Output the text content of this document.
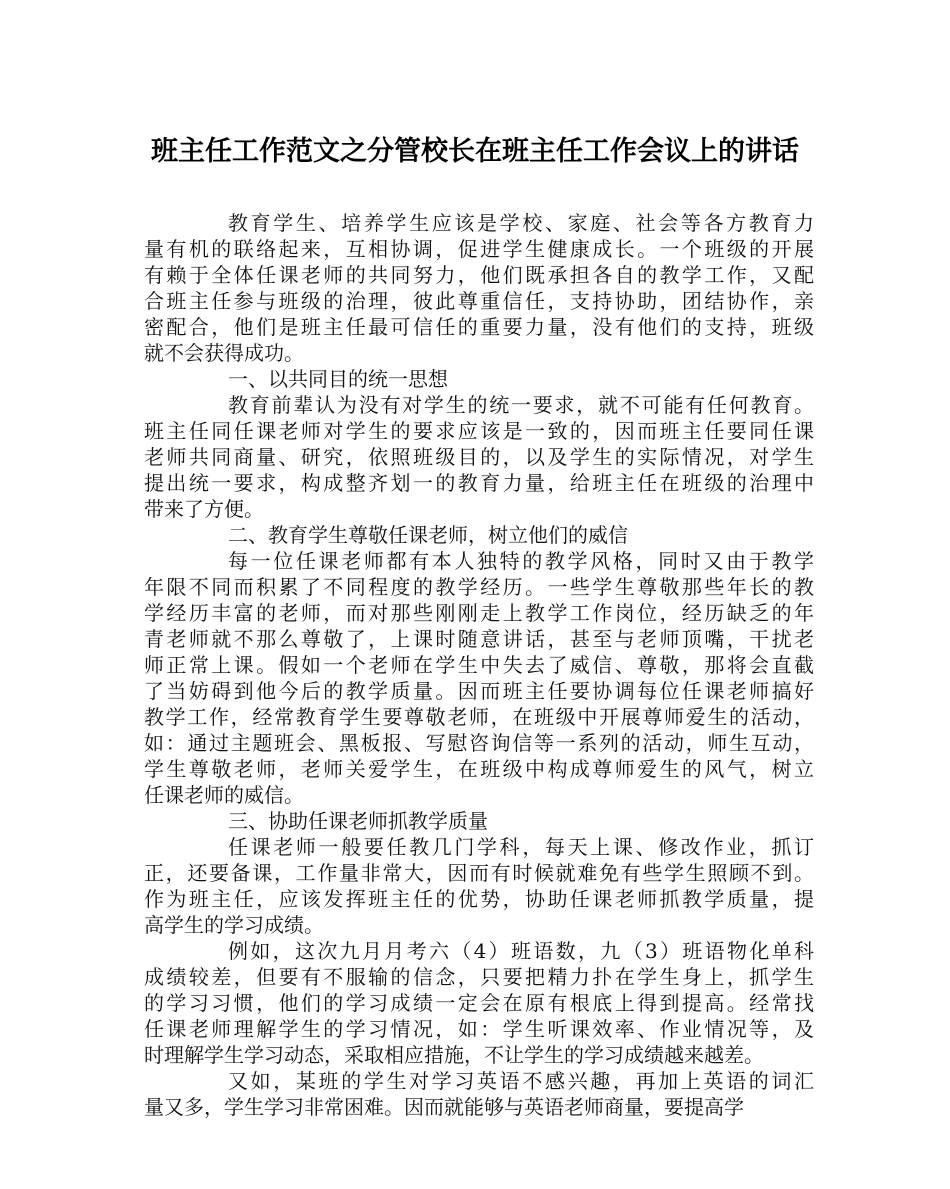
班主任工作范文之分管校长在班主任工作会议上的讲话
教育学生、培养学生应该是学校、家庭、社会等各方教育力
量有机的联络起来，互相协调，促进学生健康成长。一个班级的开展
有赖于全体任课老师的共同努力，他们既承担各自的教学工作，又配
合班主任参与班级的治理，彼此尊重信任，支持协助，团结协作，亲
密配合，他们是班主任最可信任的重要力量，没有他们的支持，班级
就不会获得成功。
一、以共同目的统一思想
教育前辈认为没有对学生的统一要求，就不可能有任何教育。
班主任同任课老师对学生的要求应该是一致的，因而班主任要同任课
老师共同商量、研究，依照班级目的，以及学生的实际情况，对学生
提出统一要求，构成整齐划一的教育力量，给班主任在班级的治理中
带来了方便。
二、教育学生尊敬任课老师，树立他们的威信
每一位任课老师都有本人独特的教学风格，同时又由于教学
年限不同而积累了不同程度的教学经历。一些学生尊敬那些年长的教
学经历丰富的老师，而对那些刚刚走上教学工作岗位，经历缺乏的年
青老师就不那么尊敬了，上课时随意讲话，甚至与老师顶嘴，干扰老
师正常上课。假如一个老师在学生中失去了威信、尊敬，那将会直截
了当妨碍到他今后的教学质量。因而班主任要协调每位任课老师搞好
教学工作，经常教育学生要尊敬老师，在班级中开展尊师爱生的活动，
如：通过主题班会、黑板报、写慰咨询信等一系列的活动，师生互动，
学生尊敬老师，老师关爱学生，在班级中构成尊师爱生的风气，树立
任课老师的威信。
三、协助任课老师抓教学质量
任课老师一般要任教几门学科，每天上课、修改作业，抓订
正，还要备课，工作量非常大，因而有时候就难免有些学生照顾不到。
作为班主任，应该发挥班主任的优势，协助任课老师抓教学质量，提
高学生的学习成绩。
例如，这次九月月考六（4）班语数，九（3）班语物化单科
成绩较差，但要有不服输的信念，只要把精力扑在学生身上，抓学生
的学习习惯，他们的学习成绩一定会在原有根底上得到提高。经常找
任课老师理解学生的学习情况，如：学生听课效率、作业情况等，及
时理解学生学习动态，采取相应措施，不让学生的学习成绩越来越差。
又如，某班的学生对学习英语不感兴趣，再加上英语的词汇
量又多，学生学习非常困难。因而就能够与英语老师商量，要提高学
